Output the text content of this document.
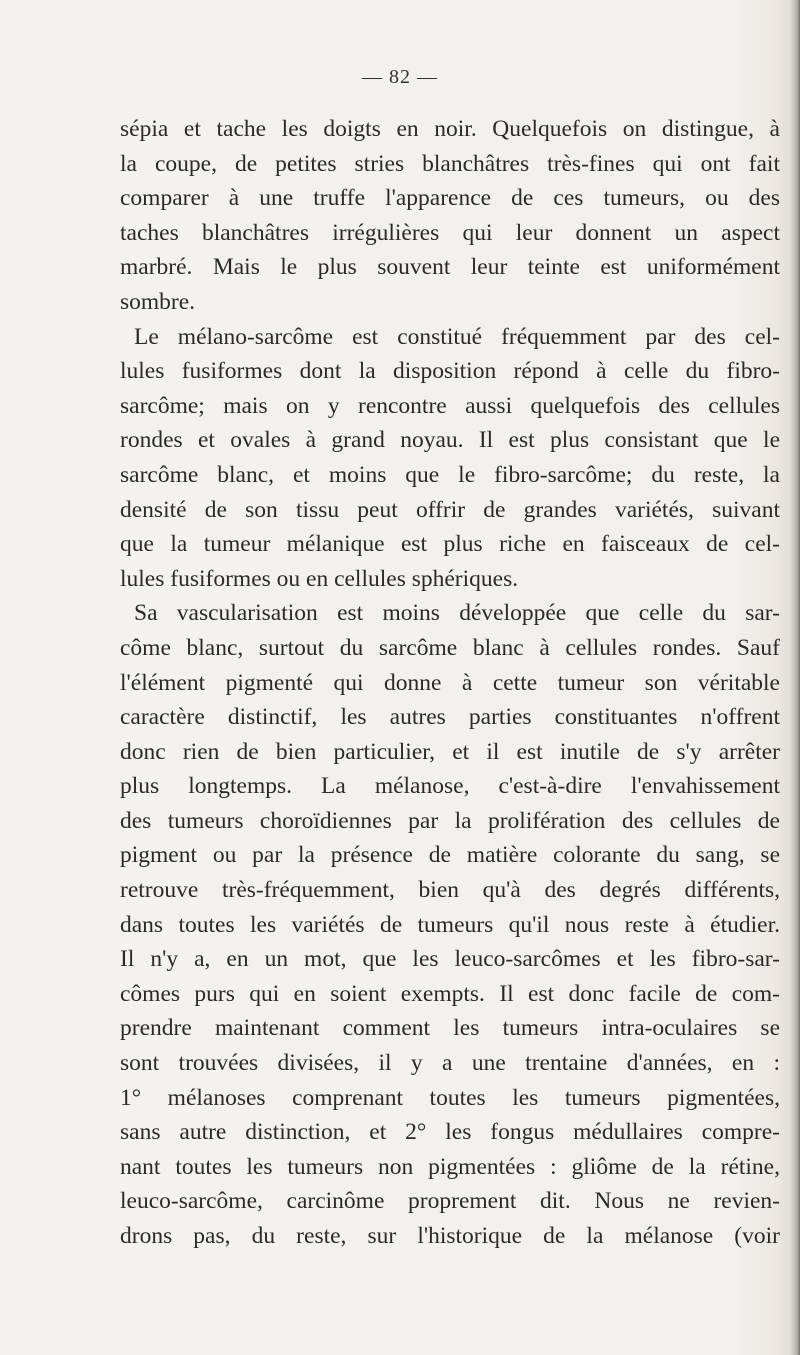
— 82 —
sépia et tache les doigts en noir. Quelquefois on distingue, à
la coupe, de petites stries blanchâtres très-fines qui ont fait
comparer à une truffe l'apparence de ces tumeurs, ou des
taches blanchâtres irrégulières qui leur donnent un aspect
marbré. Mais le plus souvent leur teinte est uniformément
sombre.
Le mélano-sarcôme est constitué fréquemment par des cel-
lules fusiformes dont la disposition répond à celle du fibro-
sarcôme; mais on y rencontre aussi quelquefois des cellules
rondes et ovales à grand noyau. Il est plus consistant que le
sarcôme blanc, et moins que le fibro-sarcôme; du reste, la
densité de son tissu peut offrir de grandes variétés, suivant
que la tumeur mélanique est plus riche en faisceaux de cel-
lules fusiformes ou en cellules sphériques.
Sa vascularisation est moins développée que celle du sar-
côme blanc, surtout du sarcôme blanc à cellules rondes. Sauf
l'élément pigmenté qui donne à cette tumeur son véritable
caractère distinctif, les autres parties constituantes n'offrent
donc rien de bien particulier, et il est inutile de s'y arrêter
plus longtemps. La mélanose, c'est-à-dire l'envahissement
des tumeurs choroïdiennes par la prolifération des cellules de
pigment ou par la présence de matière colorante du sang, se
retrouve très-fréquemment, bien qu'à des degrés différents,
dans toutes les variétés de tumeurs qu'il nous reste à étudier.
Il n'y a, en un mot, que les leuco-sarcômes et les fibro-sar-
cômes purs qui en soient exempts. Il est donc facile de com-
prendre maintenant comment les tumeurs intra-oculaires se
sont trouvées divisées, il y a une trentaine d'années, en :
1° mélanoses comprenant toutes les tumeurs pigmentées,
sans autre distinction, et 2° les fongus médullaires compre-
nant toutes les tumeurs non pigmentées : gliôme de la rétine,
leuco-sarcôme, carcinôme proprement dit. Nous ne revien-
drons pas, du reste, sur l'historique de la mélanose (voir
